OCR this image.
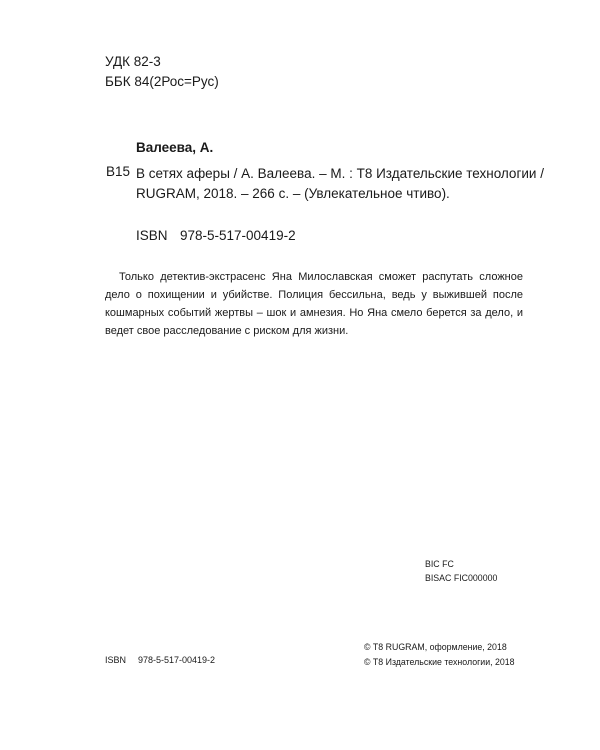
УДК 82-3
ББК 84(2Рос=Рус)
Валеева, А.
В15 В сетях аферы / А. Валеева. – М. : Т8 Издательские технологии /
RUGRAM, 2018. – 266 с. – (Увлекательное чтиво).
ISBN 978-5-517-00419-2
Только детектив-экстрасенс Яна Милославская сможет распутать сложное дело о похищении и убийстве. Полиция бессильна, ведь у выжившей после кошмарных событий жертвы – шок и амнезия. Но Яна смело берется за дело, и ведет свое расследование с риском для жизни.
BIC FC
BISAC FIC000000
ISBN 978-5-517-00419-2
© Т8 RUGRAM, оформление, 2018
© Т8 Издательские технологии, 2018
